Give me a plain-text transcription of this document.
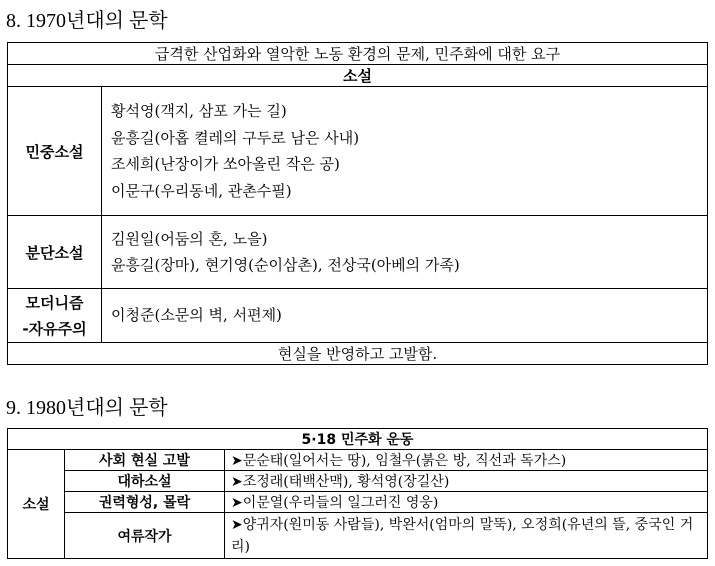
8. 1970년대의 문학
급격한 산업화와 열악한 노동 환경의 문제, 민주화에 대한 요구	
소설	
민중소설	황석영(객지, 삼포 가는 길)
윤흥길(아홉 켤레의 구두로 남은 사내)
조세희(난장이가 쏘아올린 작은 공)
이문구(우리동네, 관촌수필)

분단소설	김원일(어둠의 혼, 노을)
윤흥길(장마), 현기영(순이삼촌), 전상국(아베의 가족)

모더니즘
-자유주의	이청준(소문의 벽, 서편제)

현실을 반영하고 고발함.	
9. 1980년대의 문학
5·18 민주화 운동		
소설	사회 현실 고발	➤문순태(일어서는 땅), 임철우(붉은 방, 직선과 독가스)
	대하소설	➤조정래(태백산맥), 황석영(장길산)
	권력형성, 몰락	➤이문열(우리들의 일그러진 영웅)
	여류작가	➤양귀자(원미동 사람들), 박완서(엄마의 말뚝), 오정희(유년의 뜰, 중국인 거리)
